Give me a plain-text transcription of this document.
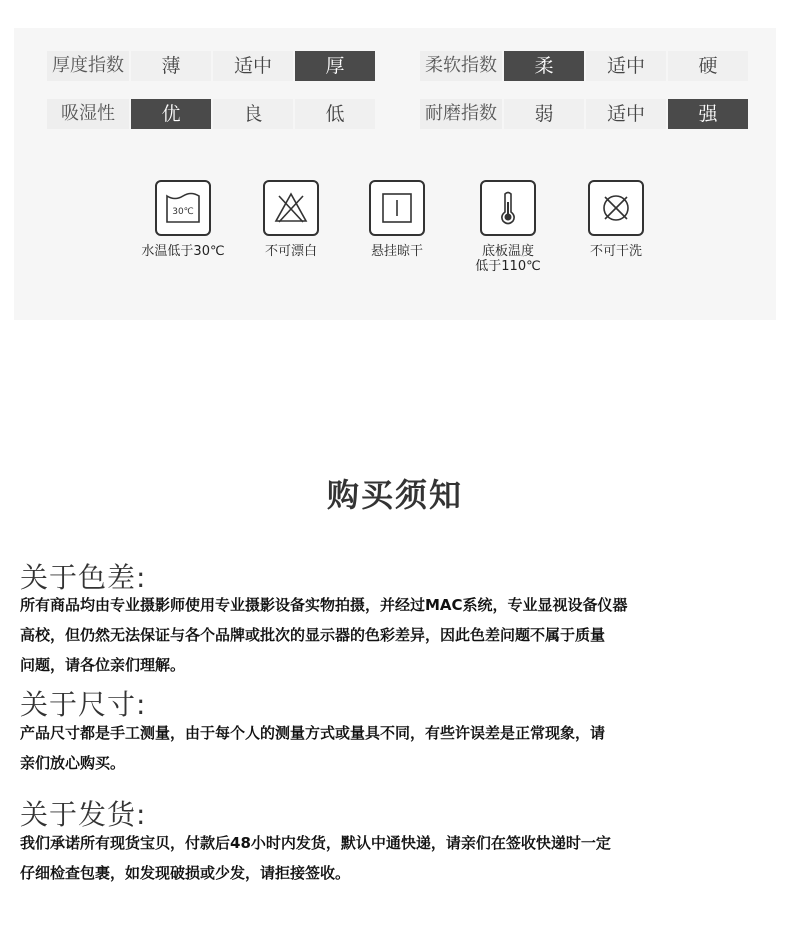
厚度指数	薄	适中	厚	柔软指数	柔	适中	硬
吸湿性	优	良	低	耐磨指数	弱	适中	强
30℃
水温低于30℃	不可漂白	悬挂晾干	底板温度
低于110℃
不可干洗
购买须知
关于色差:
所有商品均由专业摄影师使用专业摄影设备实物拍摄，并经过MAC系统，专业显视设备仪器
高校，但仍然无法保证与各个品牌或批次的显示器的色彩差异，因此色差问题不属于质量
问题，请各位亲们理解。
关于尺寸:
产品尺寸都是手工测量，由于每个人的测量方式或量具不同，有些许误差是正常现象，请
亲们放心购买。
关于发货:
我们承诺所有现货宝贝，付款后48小时内发货，默认中通快递，请亲们在签收快递时一定
仔细检查包裹，如发现破损或少发，请拒接签收。
